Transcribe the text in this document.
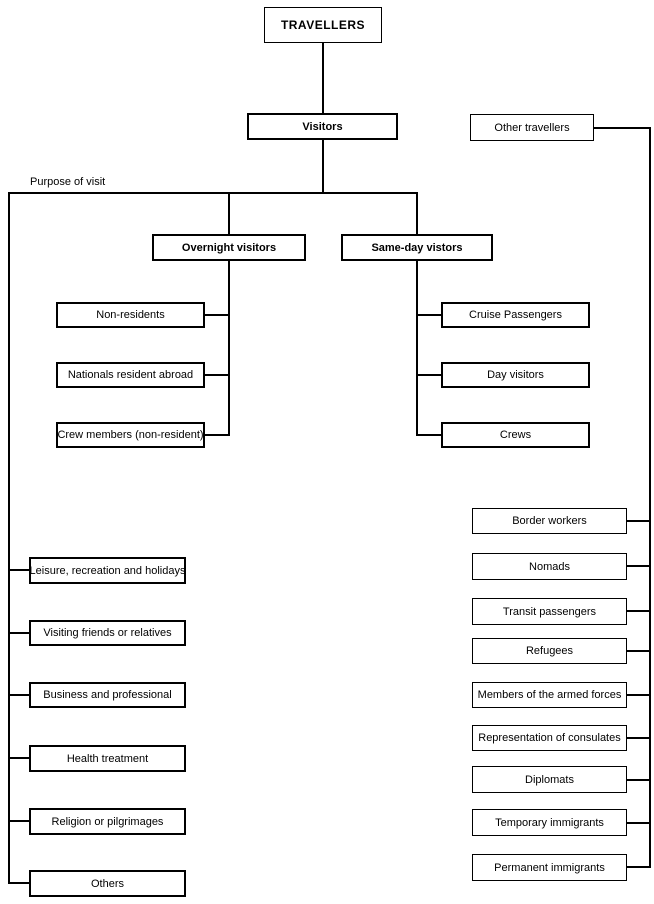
Purpose of visit
TRAVELLERS
Visitors	Other travellers
Overnight visitors	Same-day vistors
Non-residents
Nationals resident abroad
Crew members (non-resident)
Cruise Passengers
Day visitors
Crews
Leisure, recreation and holidays
Visiting friends or relatives
Business and professional
Health treatment
Religion or pilgrimages
Others
Border workers
Nomads
Transit passengers
Refugees
Members of the armed forces
Representation of consulates
Diplomats
Temporary immigrants
Permanent immigrants
